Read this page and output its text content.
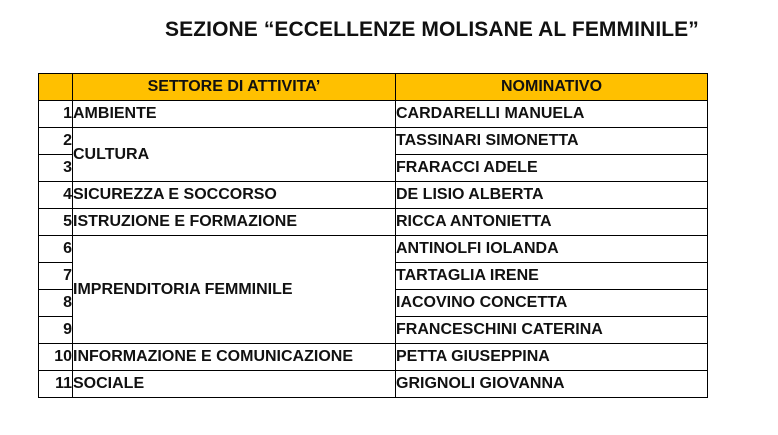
SEZIONE “ECCELLENZE MOLISANE AL FEMMINILE”
	SETTORE DI ATTIVITA’	NOMINATIVO
1	AMBIENTE	CARDARELLI MANUELA
2	CULTURA	TASSINARI SIMONETTA
3		FRARACCI ADELE
4	SICUREZZA E SOCCORSO	DE LISIO ALBERTA
5	ISTRUZIONE E FORMAZIONE	RICCA ANTONIETTA
6	IMPRENDITORIA FEMMINILE	ANTINOLFI IOLANDA
7		TARTAGLIA IRENE
8		IACOVINO CONCETTA
9		FRANCESCHINI CATERINA
10	INFORMAZIONE E COMUNICAZIONE	PETTA GIUSEPPINA
11	SOCIALE	GRIGNOLI GIOVANNA
